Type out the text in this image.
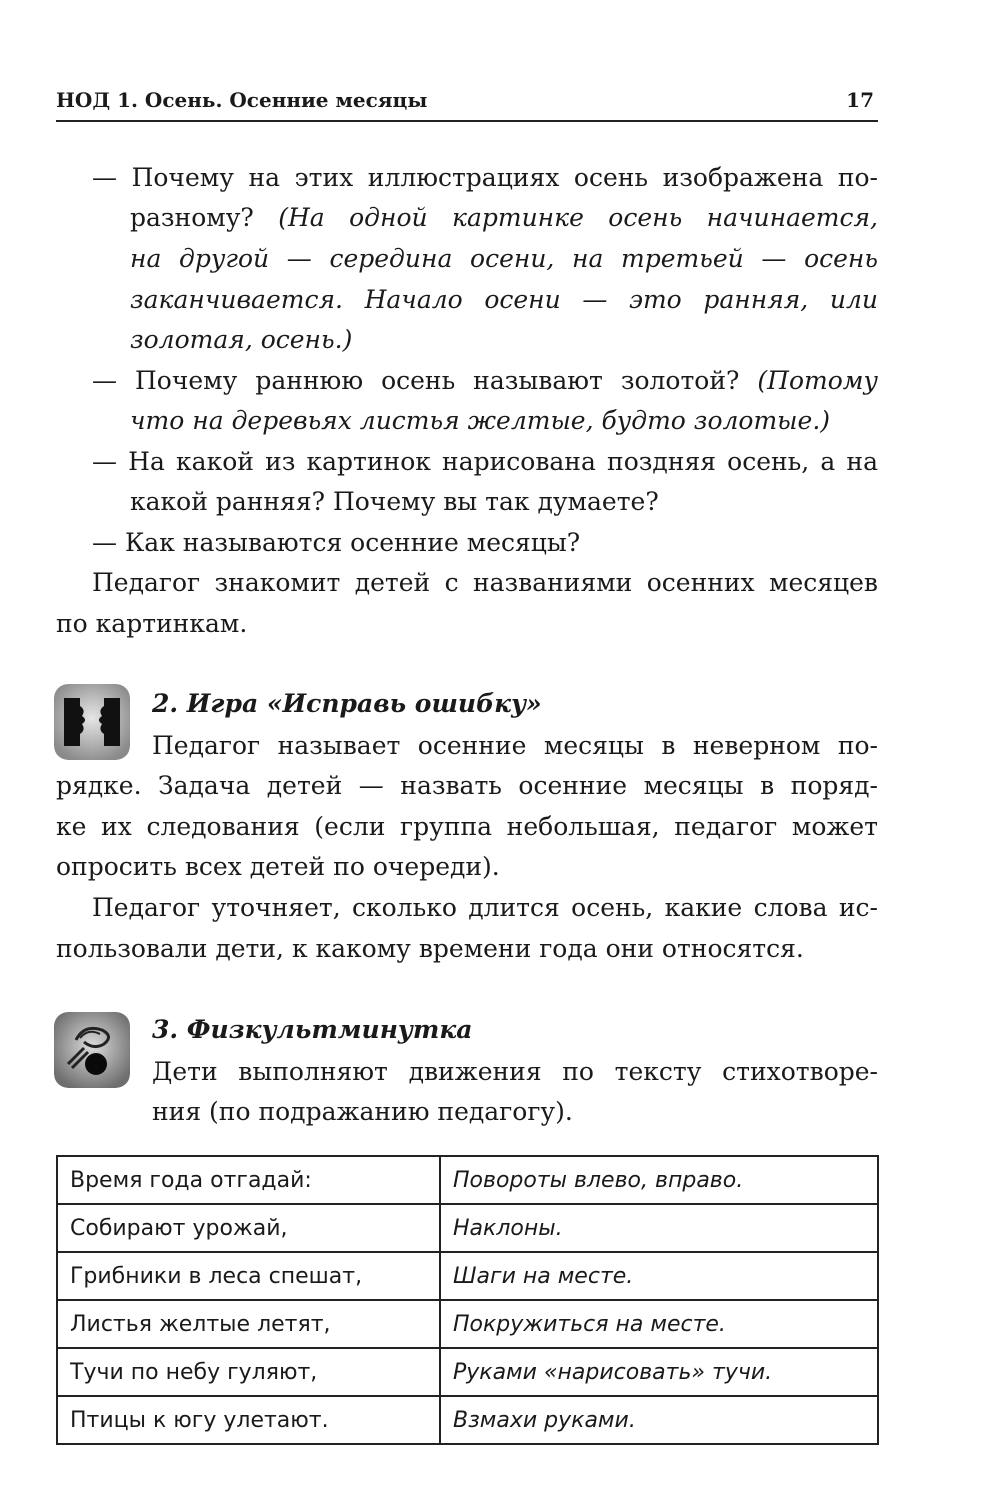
НОД 1. Осень. Осенние месяцы	17
— Почему на этих иллюстрациях осень изображена по-
разному? (На одной картинке осень начинается,
на другой — середина осени, на третьей — осень
заканчивается. Начало осени — это ранняя, или
золотая, осень.)
— Почему раннюю осень называют золотой? (Потому
что на деревьях листья желтые, будто золотые.)
— На какой из картинок нарисована поздняя осень, а на
какой ранняя? Почему вы так думаете?
— Как называются осенние месяцы?
Педагог знакомит детей с названиями осенних месяцев
по картинкам.
2. Игра «Исправь ошибку»
Педагог называет осенние месяцы в неверном по-
рядке. Задача детей — назвать осенние месяцы в поряд-
ке их следования (если группа небольшая, педагог может
опросить всех детей по очереди).
Педагог уточняет, сколько длится осень, какие слова ис-
пользовали дети, к какому времени года они относятся.
3. Физкультминутка
Дети выполняют движения по тексту стихотворе-
ния (по подражанию педагогу).
Время года отгадай:	Повороты влево, вправо.
Собирают урожай,	Наклоны.
Грибники в леса спешат,	Шаги на месте.
Листья желтые летят,	Покружиться на месте.
Тучи по небу гуляют,	Руками «нарисовать» тучи.
Птицы к югу улетают.	Взмахи руками.
